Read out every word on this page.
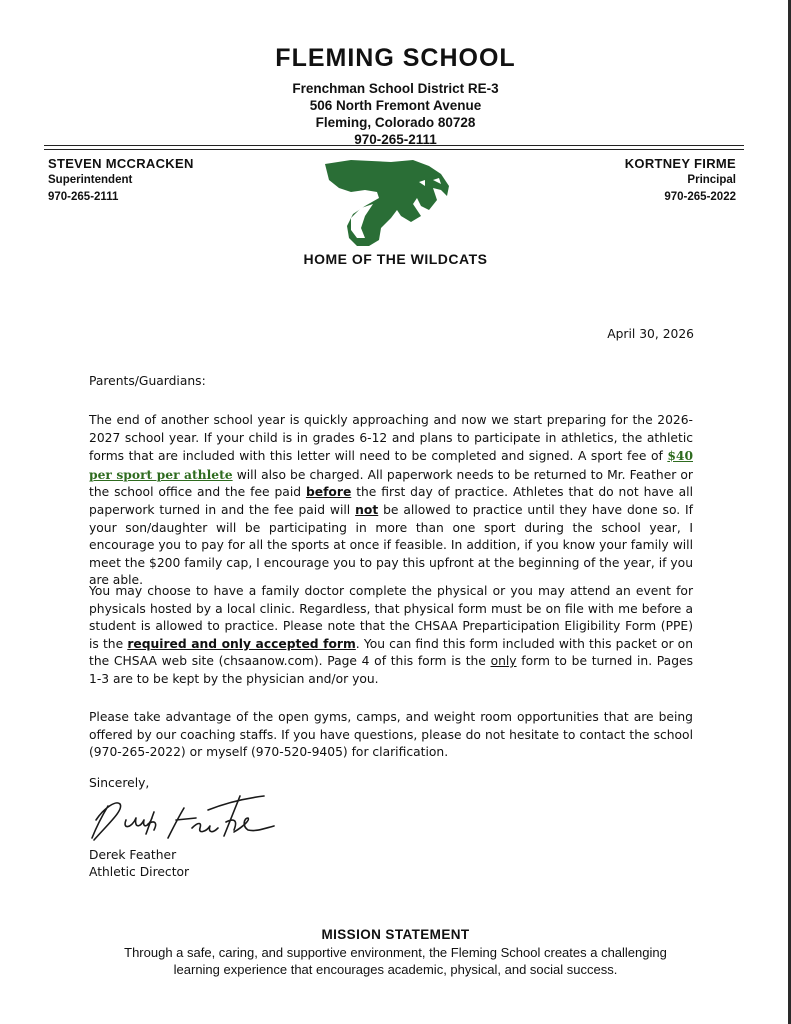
FLEMING SCHOOL
Frenchman School District RE-3
506 North Fremont Avenue
Fleming, Colorado 80728
970-265-2111
STEVEN MCCRACKEN
Superintendent
970-265-2111
KORTNEY FIRME
Principal
970-265-2022
HOME OF THE WILDCATS
April 30, 2026
Parents/Guardians:
The end of another school year is quickly approaching and now we start preparing for the 2026-2027 school year. If your child is in grades 6-12 and plans to participate in athletics, the athletic forms that are included with this letter will need to be completed and signed. A sport fee of $40 per sport per athlete will also be charged. All paperwork needs to be returned to Mr. Feather or the school office and the fee paid before the first day of practice. Athletes that do not have all paperwork turned in and the fee paid will not be allowed to practice until they have done so. If your son/daughter will be participating in more than one sport during the school year, I encourage you to pay for all the sports at once if feasible. In addition, if you know your family will meet the $200 family cap, I encourage you to pay this upfront at the beginning of the year, if you are able.
You may choose to have a family doctor complete the physical or you may attend an event for physicals hosted by a local clinic. Regardless, that physical form must be on file with me before a student is allowed to practice. Please note that the CHSAA Preparticipation Eligibility Form (PPE) is the required and only accepted form. You can find this form included with this packet or on the CHSAA web site (chsaanow.com). Page 4 of this form is the only form to be turned in. Pages 1-3 are to be kept by the physician and/or you.
Please take advantage of the open gyms, camps, and weight room opportunities that are being offered by our coaching staffs. If you have questions, please do not hesitate to contact the school (970-265-2022) or myself (970-520-9405) for clarification.
Sincerely,
Derek Feather
Athletic Director
MISSION STATEMENT
Through a safe, caring, and supportive environment, the Fleming School creates a challenging learning experience that encourages academic, physical, and social success.
